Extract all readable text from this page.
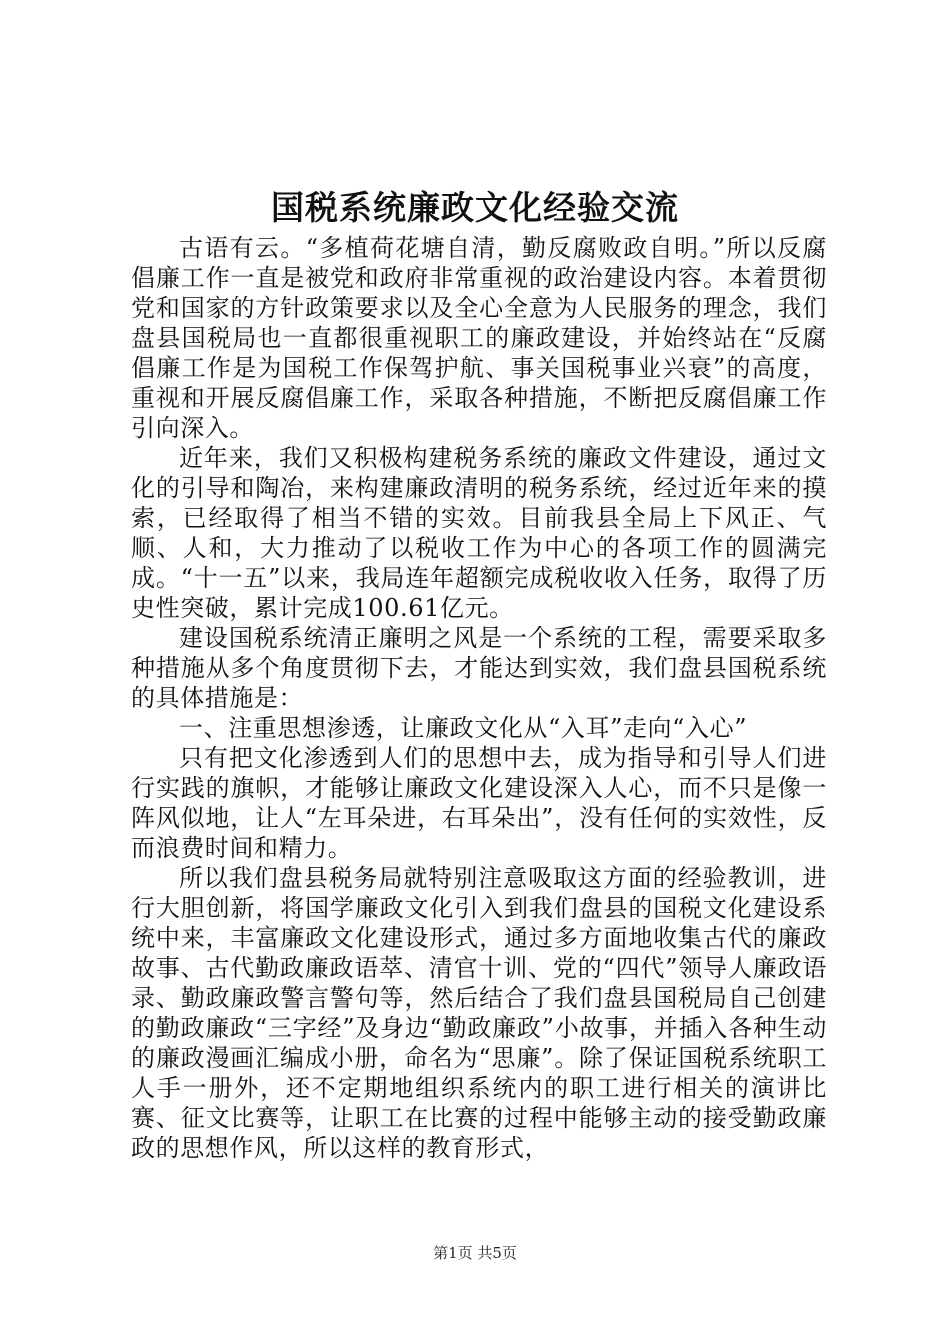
国税系统廉政文化经验交流

古语有云。“多植荷花塘自清，勤反腐败政自明。”所以反腐倡廉工作一直是被党和政府非常重视的政治建设内容。本着贯彻党和国家的方针政策要求以及全心全意为人民服务的理念，我们盘县国税局也一直都很重视职工的廉政建设，并始终站在“反腐倡廉工作是为国税工作保驾护航、事关国税事业兴衰”的高度，重视和开展反腐倡廉工作，采取各种措施，不断把反腐倡廉工作引向深入。

近年来，我们又积极构建税务系统的廉政文件建设，通过文化的引导和陶冶，来构建廉政清明的税务系统，经过近年来的摸索，已经取得了相当不错的实效。目前我县全局上下风正、气顺、人和，大力推动了以税收工作为中心的各项工作的圆满完成。“十一五”以来，我局连年超额完成税收收入任务，取得了历史性突破，累计完成100.61亿元。

建设国税系统清正廉明之风是一个系统的工程，需要采取多种措施从多个角度贯彻下去，才能达到实效，我们盘县国税系统的具体措施是：

一、注重思想渗透，让廉政文化从“入耳”走向“入心”

只有把文化渗透到人们的思想中去，成为指导和引导人们进行实践的旗帜，才能够让廉政文化建设深入人心，而不只是像一阵风似地，让人“左耳朵进，右耳朵出”，没有任何的实效性，反而浪费时间和精力。

所以我们盘县税务局就特别注意吸取这方面的经验教训，进行大胆创新，将国学廉政文化引入到我们盘县的国税文化建设系统中来，丰富廉政文化建设形式，通过多方面地收集古代的廉政故事、古代勤政廉政语萃、清官十训、党的“四代”领导人廉政语录、勤政廉政警言警句等，然后结合了我们盘县国税局自己创建的勤政廉政“三字经”及身边“勤政廉政”小故事，并插入各种生动的廉政漫画汇编成小册，命名为“思廉”。除了保证国税系统职工人手一册外，还不定期地组织系统内的职工进行相关的演讲比赛、征文比赛等，让职工在比赛的过程中能够主动的接受勤政廉政的思想作风，所以这样的教育形式，

第1页 共5页
